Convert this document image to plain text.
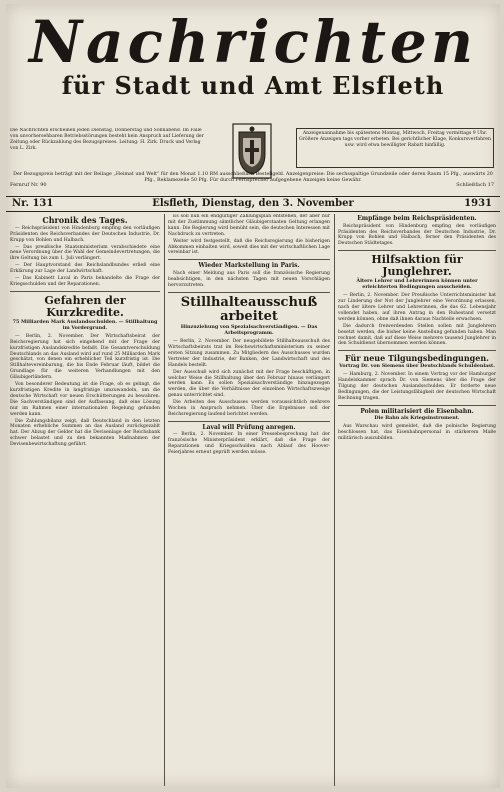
Nachrichten
für Stadt und Amt Elsfleth
Die Nachrichten erscheinen jeden Dienstag, Donnerstag und Sonnabend. Im Falle von unvorhersehbaren Betriebsstörungen besteht kein Anspruch auf Lieferung der Zeitung oder Rückzahlung des Bezugspreises. Leitung: H. Zirk. Druck und Verlag von L. Zirk.
Anzeigenannahme bis spätestens Montag, Mittwoch, Freitag vormittags 9 Uhr. Größere Anzeigen tags vorher erbeten. Bei gerichtlicher Klage, Konkursverfahren usw. wird etwa bewilligter Rabatt hinfällig.
Der Bezugspreis beträgt mit der Beilage „Heimat und Welt“ für den Monat 1.10 RM ausschließlich Bestellgeld. Anzeigenpreise: Die sechsspaltige Grundzeile oder deren Raum 15 Pfg., auswärts 20 Pfg., Reklamezeile 50 Pfg. Für durch Fernsprecher aufgegebene Anzeigen keine Gewähr.
Fernruf Nr. 90	Schließfach 17
Nr. 131	Elsfleth, Dienstag, den 3. November	1931
Chronik des Tages.

— Reichspräsident von Hindenburg empfing den vorläufigen Präsidenten des Reichsverbandes der Deutschen Industrie, Dr. Krupp von Bohlen und Halbach.

— Das preußische Staatsministerium verabschiedete eine neue Verordnung über die Wahl der Gemeindevertretungen, die ihre Geltung bis zum 1. Juli verlängert.

— Der Hauptvorstand des Reichslandbundes erließ eine Erklärung zur Lage der Landwirtschaft.

— Das Kabinett Laval in Paris behandelte die Frage der Kriegsschulden und der Reparationen.

Gefahren der Kurzkredite.
75 Milliarden Mark Auslandsschulden. — Stillhaltung im Vordergrund.

— Berlin, 2. November. Der Wirtschaftsbeirat der Reichsregierung hat sich eingehend mit der Frage der kurzfristigen Auslandskredite befaßt. Die Gesamtverschuldung Deutschlands an das Ausland wird auf rund 25 Milliarden Mark geschätzt, von denen ein erheblicher Teil kurzfristig ist. Die Stillhaltevereinbarung, die bis Ende Februar läuft, bildet die Grundlage für die weiteren Verhandlungen mit den Gläubigerländern.

Von besonderer Bedeutung ist die Frage, ob es gelingt, die kurzfristigen Kredite in langfristige umzuwandeln, um die deutsche Wirtschaft vor neuen Erschütterungen zu bewahren. Die Sachverständigen sind der Auffassung, daß eine Lösung nur im Rahmen einer internationalen Regelung gefunden werden kann.

Die Zahlungsbilanz zeigt, daß Deutschland in den letzten Monaten erhebliche Summen an das Ausland zurückgezahlt hat. Der Abzug der Gelder hat die Devisenlage der Reichsbank schwer belastet und zu den bekannten Maßnahmen der Devisenbewirtschaftung geführt.

Es soll nun ein endgültiger Zahlungsplan entstehen, der aber nur mit der Zustimmung sämtlicher Gläubigerstaaten Geltung erlangen kann. Die Regierung wird bemüht sein, die deutschen Interessen mit Nachdruck zu vertreten.

Weiter wird festgestellt, daß die Reichsregierung die bisherigen Abkommen einhalten wird, soweit dies mit der wirtschaftlichen Lage vereinbar ist.

Wieder Markstellung in Paris.

Nach einer Meldung aus Paris soll die französische Regierung beabsichtigen, in den nächsten Tagen mit neuen Vorschlägen hervorzutreten.

Stillhalteausschuß arbeitet
Hinzuziehung von Spezialsachverständigen. — Das Arbeitsprogramm.

— Berlin, 2. November. Der neugebildete Stillhalteausschuß des Wirtschaftsbeirats trat im Reichswirtschaftsministerium zu seiner ersten Sitzung zusammen. Zu Mitgliedern des Ausschusses wurden Vertreter der Industrie, der Banken, der Landwirtschaft und des Handels bestellt.

Der Ausschuß wird sich zunächst mit der Frage beschäftigen, in welcher Weise die Stillhaltung über den Februar hinaus verlängert werden kann. Es sollen Spezialsachverständige hinzugezogen werden, die über die Verhältnisse der einzelnen Wirtschaftszweige genau unterrichtet sind.

Die Arbeiten des Ausschusses werden voraussichtlich mehrere Wochen in Anspruch nehmen. Über die Ergebnisse soll der Reichsregierung laufend berichtet werden.

Laval will Prüfung anregen.

— Berlin, 2. November. In einer Pressebesprechung hat der französische Ministerpräsident erklärt, daß die Frage der Reparationen und Kriegsschulden nach Ablauf des Hoover-Feierjahres erneut geprüft werden müsse.

Empfänge beim Reichspräsidenten.

Reichspräsident von Hindenburg empfing den vorläufigen Präsidenten des Reichsverbandes der Deutschen Industrie, Dr. Krupp von Bohlen und Halbach, ferner den Präsidenten des Deutschen Städtetages.

Hilfsaktion für Junglehrer.
Ältere Lehrer und Lehrerinnen können unter erleichterten Bedingungen ausscheiden.

— Berlin, 2. November. Der Preußische Unterrichtsminister hat zur Linderung der Not der Junglehrer eine Verordnung erlassen, nach der ältere Lehrer und Lehrerinnen, die das 62. Lebensjahr vollendet haben, auf ihren Antrag in den Ruhestand versetzt werden können, ohne daß ihnen daraus Nachteile erwachsen.

Die dadurch freiwerdenden Stellen sollen mit Junglehrern besetzt werden, die bisher keine Anstellung gefunden haben. Man rechnet damit, daß auf diese Weise mehrere tausend Junglehrer in den Schuldienst übernommen werden können.

Für neue Tilgungsbedingungen.
Vortrag Dr. von Siemens über Deutschlands Schuldenlast.

— Hamburg, 2. November. In einem Vortrag vor der Hamburger Handelskammer sprach Dr. von Siemens über die Frage der Tilgung der deutschen Auslandsschulden. Er forderte neue Bedingungen, die der Leistungsfähigkeit der deutschen Wirtschaft Rechnung tragen.

Polen militarisiert die Eisenbahn.
Die Bahn als Kriegsinstrument.

Aus Warschau wird gemeldet, daß die polnische Regierung beschlossen hat, das Eisenbahnpersonal in stärkerem Maße militärisch auszubilden.
